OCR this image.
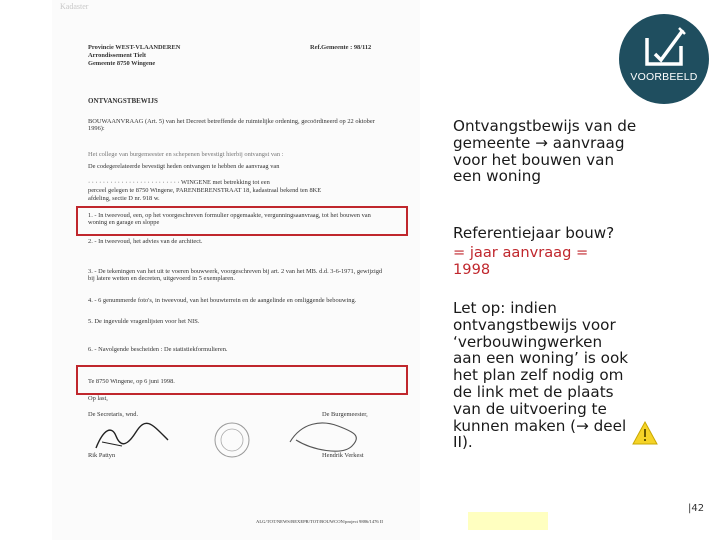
Kadaster
Provincie WEST-VLAANDEREN
Arrondissement Tielt
Gemeente 8750 Wingene
Ref.Gemeente : 98/112
ONTVANGSTBEWIJS
BOUWAANVRAAG (Art. 5) van het Decreet betreffende de ruimtelijke ordening, gecoördineerd op 22 oktober 1996):
Het college van burgemeester en schepenen bevestigt hierbij ontvangst van :
De codegerelateerde bevestigt heden ontvangen te hebben de aanvraag van
· · · · · · · · · · · · · · · · · · · · · · · · · WINGENE met betrekking tot een
perceel gelegen te 8750 Wingene, PARENBERENSTRAAT 18, kadastraal bekend ten 8KE
afdeling, sectie D nr. 918 w.
1. - In tweevoud, een, op het voorgeschreven formulier opgemaakte, vergunningsaanvraag, tot het bouwen van woning en garage en sloppe
2. - In tweevoud, het advies van de architect.
3. - De tekeningen van het uit te voeren bouwwerk, voorgeschreven bij art. 2 van het MB. d.d. 3-6-1971, gewijzigd bij latere wetten en decreten, uitgevoerd in 5 exemplaren.
4. - 6 genummerde foto's, in tweevoud, van het bouwterrein en de aangelinde en omliggende bebouwing.
5. De ingevulde vragenlijsten voor het NIS.
6. - Navolgende bescheiden : De statistiekformulieren.
Te 8750 Wingene, op 6 juni 1998.
Op last,
De Secretaris, wnd.	De Burgemeester,
Rik Pattyn	Hendrik Verkest
ALG/TOT/NEWS/BEXEPR/TOT/BOUWCON/project 9886/1476 II
VOORBEELD
Ontvangstbewijs van de gemeente → aanvraag voor het bouwen van een woning
Referentiejaar bouw?
= jaar aanvraag = 1998
Let op: indien ontvangstbewijs voor ‘verbouwingwerken aan een woning’ is ook het plan zelf nodig om de link met de plaats van de uitvoering te kunnen maken (→ deel II).
|42
